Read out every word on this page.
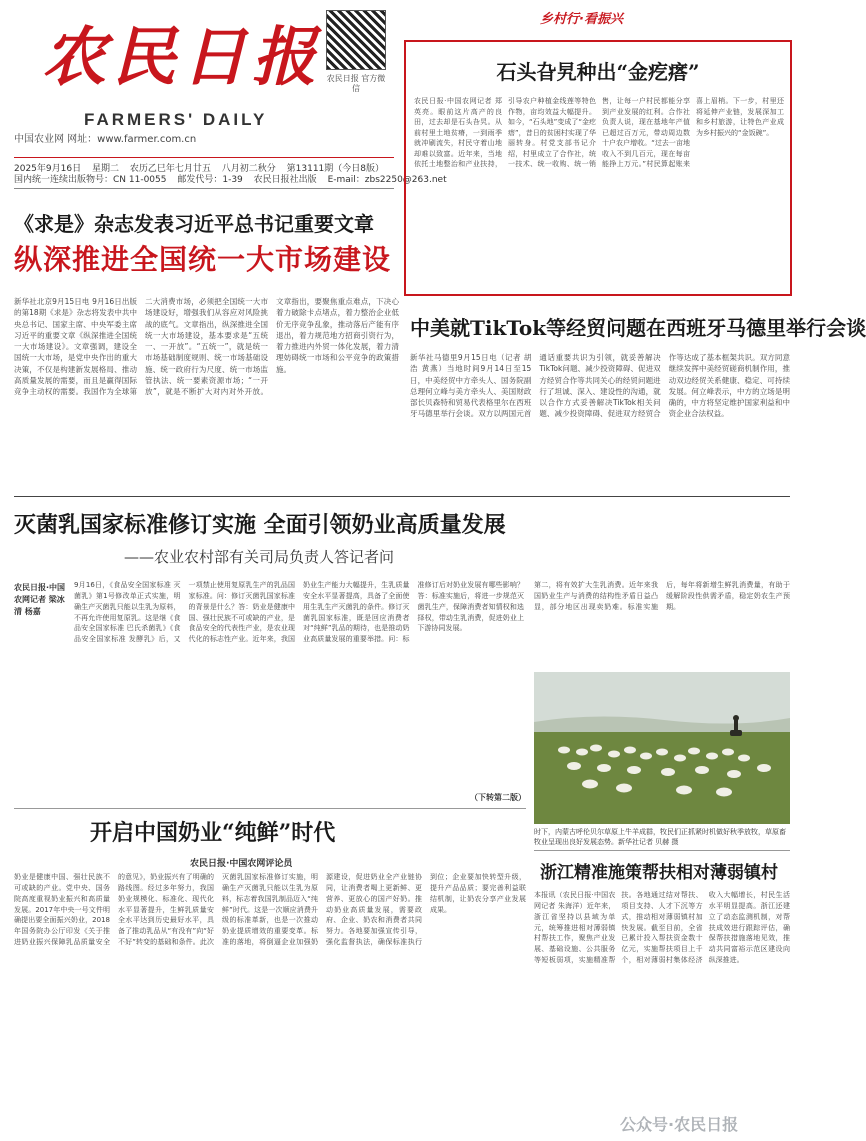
农民日报
FARMERS' DAILY
中国农业网 网址：www.farmer.com.cn
农民日报 官方微信
2025年9月16日 星期二 农历乙巳年七月廿五 八月初二秋分 第13111期（今日8版）
国内统一连续出版物号：CN 11-0055 邮发代号：1-39 农民日报社出版 E-mail：zbs2250@263.net
乡村行·看振兴
石头旮旯种出“金疙瘩”
农民日报·中国农网记者 郑英亮。眼前这片高产的良田，过去却是石头旮旯。从前村里土地贫瘠，一到雨季就冲刷流失，村民守着山地却难以致富。近年来，当地依托土地整治和产业扶持，引导农户种植金线莲等特色作物，亩均效益大幅提升。如今，“石头地”变成了“金疙瘩”，昔日的贫困村实现了华丽转身。村党支部书记介绍，村里成立了合作社，统一技术、统一收购、统一销售，让每一户村民都能分享到产业发展的红利。合作社负责人说，现在基地年产值已超过百万元，带动周边数十户农户增收。“过去一亩地收入不到几百元，现在每亩能挣上万元。”村民算起账来喜上眉梢。下一步，村里还将延伸产业链，发展深加工和乡村旅游，让特色产业成为乡村振兴的“金饭碗”。
《求是》杂志发表习近平总书记重要文章
纵深推进全国统一大市场建设
新华社北京9月15日电 9月16日出版的第18期《求是》杂志将发表中共中央总书记、国家主席、中央军委主席习近平的重要文章《纵深推进全国统一大市场建设》。文章强调，建设全国统一大市场，是党中央作出的重大决策，不仅是构建新发展格局、推动高质量发展的需要，而且是赢得国际竞争主动权的需要。我国作为全球第二大消费市场，必须把全国统一大市场建设好，增强我们从容应对风险挑战的底气。文章指出，纵深推进全国统一大市场建设，基本要求是“五统一、一开放”。“五统一”，就是统一市场基础制度规则、统一市场基础设施、统一政府行为尺度、统一市场监管执法、统一要素资源市场；“一开放”，就是不断扩大对内对外开放。文章指出，要聚焦重点难点，下决心着力破除卡点堵点，着力整治企业低价无序竞争乱象，推动落后产能有序退出，着力规范地方招商引资行为，着力推进内外贸一体化发展，着力清理妨碍统一市场和公平竞争的政策措施。
中美就TikTok等经贸问题在西班牙马德里举行会谈
新华社马德里9月15日电（记者 胡浩 黄燕）当地时间9月14日至15日，中美经贸中方牵头人、国务院副总理何立峰与美方牵头人、美国财政部长贝森特和贸易代表格里尔在西班牙马德里举行会谈。双方以两国元首通话重要共识为引领，就妥善解决TikTok问题、减少投资障碍、促进双方经贸合作等共同关心的经贸问题进行了坦诚、深入、建设性的沟通，就以合作方式妥善解决TikTok相关问题、减少投资障碍、促进双方经贸合作等达成了基本框架共识。双方同意继续发挥中美经贸磋商机制作用，推动双边经贸关系健康、稳定、可持续发展。何立峰表示，中方的立场是明确的，中方将坚定维护国家利益和中资企业合法权益。
灭菌乳国家标准修订实施 全面引领奶业高质量发展
——农业农村部有关司局负责人答记者问
农民日报·中国农网记者 梁冰清 杨嘉
9月16日，《食品安全国家标准 灭菌乳》第1号修改单正式实施，明确生产灭菌乳只能以生乳为原料，不再允许使用复原乳。这是继《食品安全国家标准 巴氏杀菌乳》《食品安全国家标准 发酵乳》后，又一项禁止使用复原乳生产的乳品国家标准。问：修订灭菌乳国家标准的背景是什么？答：奶业是健康中国、强壮民族不可或缺的产业，是食品安全的代表性产业，是农业现代化的标志性产业。近年来，我国奶业生产能力大幅提升，生乳质量安全水平显著提高，具备了全面使用生乳生产灭菌乳的条件。修订灭菌乳国家标准，既是回应消费者对“纯鲜”乳品的期待，也是推动奶业高质量发展的重要举措。问：标准修订后对奶业发展有哪些影响？答：标准实施后，将进一步规范灭菌乳生产，保障消费者知情权和选择权，带动生乳消费，促进奶业上下游协同发展。
第二，将有效扩大生乳消费。近年来我国奶业生产与消费的结构性矛盾日益凸显，部分地区出现卖奶难。标准实施后，每年将新增生鲜乳消费量，有助于缓解阶段性供需矛盾，稳定奶农生产预期。
（下转第二版）
时下，内蒙古呼伦贝尔草原上牛羊成群，牧民们正抓紧时机做好秋季放牧，草原畜牧业呈现出良好发展态势。新华社记者 贝赫 摄
开启中国奶业“纯鲜”时代
农民日报·中国农网评论员
奶业是健康中国、强壮民族不可或缺的产业。党中央、国务院高度重视奶业振兴和高质量发展。2017年中央一号文件明确提出要全面振兴奶业，2018年国务院办公厅印发《关于推进奶业振兴保障乳品质量安全的意见》，奶业振兴有了明确的路线图。经过多年努力，我国奶业规模化、标准化、现代化水平显著提升，生鲜乳质量安全水平达到历史最好水平，具备了推动乳品从“有没有”向“好不好”转变的基础和条件。此次灭菌乳国家标准修订实施，明确生产灭菌乳只能以生乳为原料，标志着我国乳制品迈入“纯鲜”时代。这是一次顺应消费升级的标准革新，也是一次推动奶业提质增效的重要变革。标准的落地，将倒逼企业加强奶源建设，促进奶业全产业链协同，让消费者喝上更新鲜、更营养、更放心的国产好奶。推动奶业高质量发展，需要政府、企业、奶农和消费者共同努力。各地要加强宣传引导，强化监督执法，确保标准执行到位；企业要加快转型升级，提升产品品质；要完善利益联结机制，让奶农分享产业发展成果。
浙江精准施策帮扶相对薄弱镇村
本报讯（农民日报·中国农网记者 朱海洋）近年来，浙江省坚持以县域为单元，统筹推进相对薄弱镇村帮扶工作，聚焦产业发展、基础设施、公共服务等短板弱项，实施精准帮扶。各地通过结对帮扶、项目支持、人才下沉等方式，推动相对薄弱镇村加快发展。截至目前，全省已累计投入帮扶资金数十亿元，实施帮扶项目上千个，相对薄弱村集体经济收入大幅增长，村民生活水平明显提高。浙江还建立了动态监测机制，对帮扶成效进行跟踪评估，确保帮扶措施落地见效，推动共同富裕示范区建设向纵深推进。
公众号·农民日报
